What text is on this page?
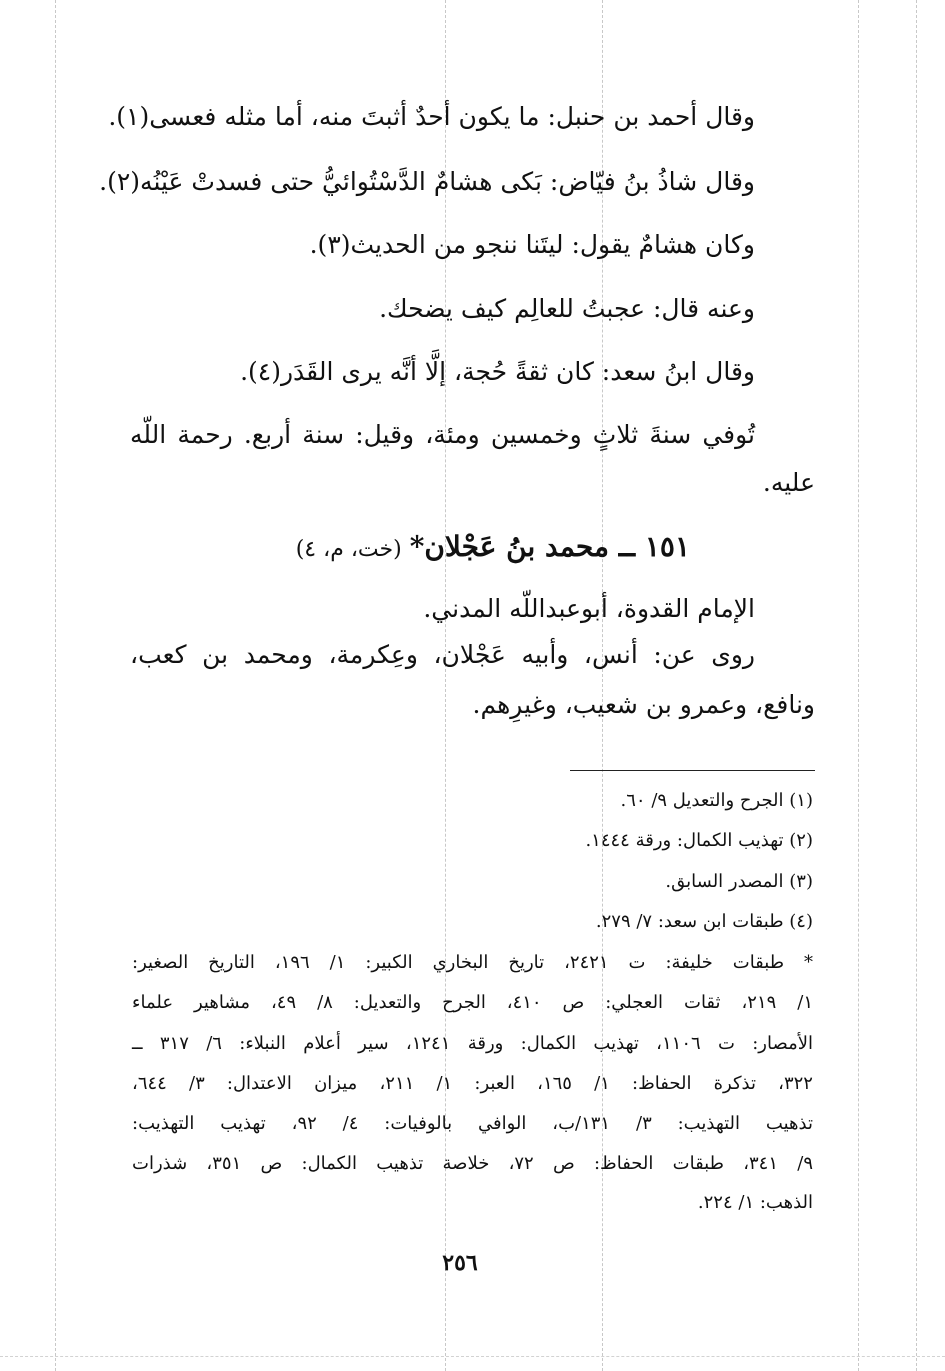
وقال أحمد بن حنبل: ما يكون أحدٌ أثبتَ منه، أما مثله فعسى(١).
وقال شاذُ بنُ فيّاض: بَكى هشامٌ الدَّسْتُوائيُّ حتى فسدتْ عَيْنُه(٢).
وكان هشامٌ يقول: ليتَنا ننجو من الحديث(٣).
وعنه قال: عجبتُ للعالِم كيف يضحك.
وقال ابنُ سعد: كان ثقةً حُجة، إلَّا أنَّه يرى القَدَر(٤).
تُوفي سنةَ ثلاثٍ وخمسين ومئة، وقيل: سنة أربع. رحمة اللّه
عليه.
١٥١ ــ محمد بنُ عَجْلان*(خت، م، ٤)
الإمام القدوة، أبوعبداللّه المدني.
روى عن: أنس، وأبيه عَجْلان، وعِكرمة، ومحمد بن كعب،
ونافع، وعمرو بن شعيب، وغيرِهم.
(١) الجرح والتعديل ٩/ ٦٠.
(٢) تهذيب الكمال: ورقة ١٤٤٤.
(٣) المصدر السابق.
(٤) طبقات ابن سعد: ٧/ ٢٧٩.
* طبقات خليفة: ت ٢٤٢١، تاريخ البخاري الكبير: ١/ ١٩٦، التاريخ الصغير:
١/ ٢١٩، ثقات العجلي: ص ٤١٠، الجرح والتعديل: ٨/ ٤٩، مشاهير علماء
الأمصار: ت ١١٠٦، تهذيب الكمال: ورقة ١٢٤١، سير أعلام النبلاء: ٦/ ٣١٧ ــ
٣٢٢، تذكرة الحفاظ: ١/ ١٦٥، العبر: ١/ ٢١١، ميزان الاعتدال: ٣/ ٦٤٤،
تذهيب التهذيب: ٣/ ١٣١/ب، الوافي بالوفيات: ٤/ ٩٢، تهذيب التهذيب:
٩/ ٣٤١، طبقات الحفاظ: ص ٧٢، خلاصة تذهيب الكمال: ص ٣٥١، شذرات
الذهب: ١/ ٢٢٤.
٢٥٦
